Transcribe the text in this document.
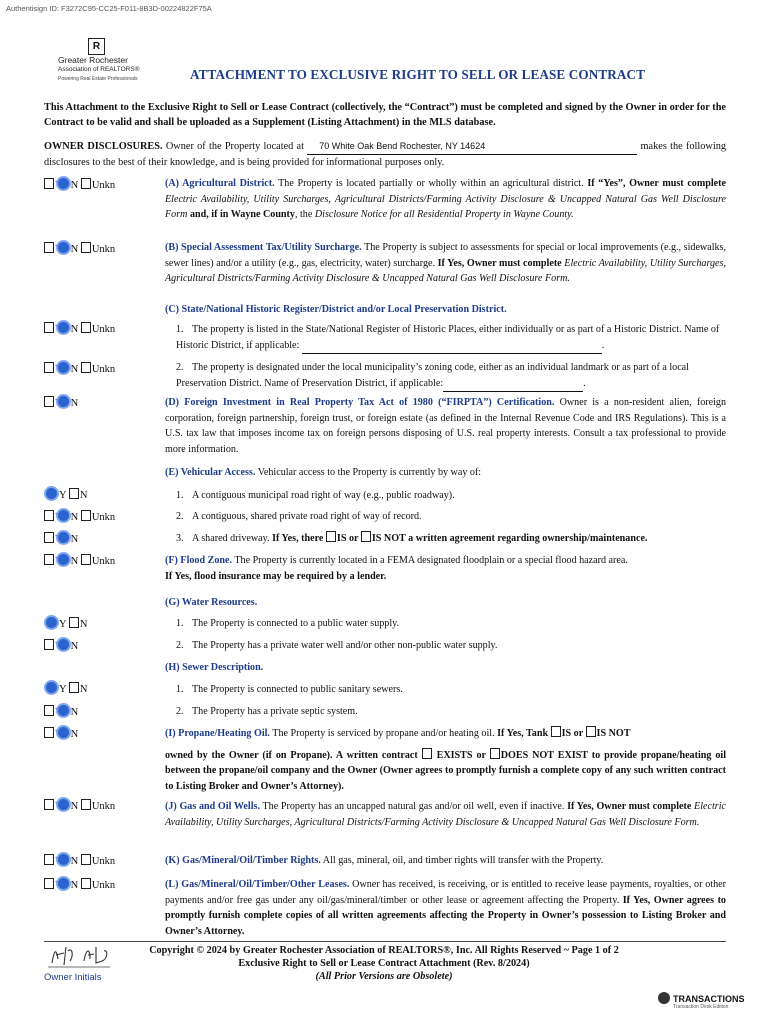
Authentisign ID: F3272C95-CC25-F011-8B3D-00224822F75A
R
Greater Rochester
Association of REALTORS®
Powering Real Estate Professionals	ATTACHMENT TO EXCLUSIVE RIGHT TO SELL OR LEASE CONTRACT
This Attachment to the Exclusive Right to Sell or Lease Contract (collectively, the “Contract”) must be completed and signed by the Owner in order for the Contract to be valid and shall be uploaded as a Supplement (Listing Attachment) in the MLS database.
OWNER DISCLOSURES. Owner of the Property located at 70 White Oak Bend Rochester, NY 14624	makes the following disclosures to the best of their knowledge, and is being provided for informational purposes only.
N Unkn	(A) Agricultural District. The Property is located partially or wholly within an agricultural district. If “Yes”, Owner must complete Electric Availability, Utility Surcharges, Agricultural Districts/Farming Activity Disclosure & Uncapped Natural Gas Well Disclosure Form and, if in Wayne County, the Disclosure Notice for all Residential Property in Wayne County.
N Unkn	(B) Special Assessment Tax/Utility Surcharge. The Property is subject to assessments for special or local improvements (e.g., sidewalks, sewer lines) and/or a utility (e.g., gas, electricity, water) surcharge. If Yes, Owner must complete Electric Availability, Utility Surcharges, Agricultural Districts/Farming Activity Disclosure & Uncapped Natural Gas Well Disclosure Form.
(C) State/National Historic Register/District and/or Local Preservation District.
N Unkn	1. The property is listed in the State/National Register of Historic Places, either individually or as part of a Historic District. Name of Historic District, if applicable:	.
N Unkn	2. The property is designated under the local municipality’s zoning code, either as an individual landmark or as part of a local Preservation District. Name of Preservation District, if applicable:	.
N	(D) Foreign Investment in Real Property Tax Act of 1980 (“FIRPTA”) Certification. Owner is a non-resident alien, foreign corporation, foreign partnership, foreign trust, or foreign estate (as defined in the Internal Revenue Code and IRS Regulations). This is a U.S. tax law that imposes income tax on foreign persons disposing of U.S. real property interests. Consult a tax professional to provide more information.
(E) Vehicular Access. Vehicular access to the Property is currently by way of:
Y N	1. A contiguous municipal road right of way (e.g., public roadway).
N Unkn	2. A contiguous, shared private road right of way of record.
N	3. A shared driveway. If Yes, there IS or IS NOT a written agreement regarding ownership/maintenance.
N Unkn	(F) Flood Zone. The Property is currently located in a FEMA designated floodplain or a special flood hazard area.
If Yes, flood insurance may be required by a lender.
(G) Water Resources.
Y N	1. The Property is connected to a public water supply.
N	2. The Property has a private water well and/or other non-public water supply.
(H) Sewer Description.
Y N	1. The Property is connected to public sanitary sewers.
N	2. The Property has a private septic system.
N	(I) Propane/Heating Oil. The Property is serviced by propane and/or heating oil. If Yes, Tank IS or IS NOT

owned by the Owner (if on Propane). A written contract  EXISTS or DOES NOT EXIST to provide propane/heating oil between the propane/oil company and the Owner (Owner agrees to promptly furnish a complete copy of any such written contract to Listing Broker and Owner’s Attorney).
N Unkn	(J) Gas and Oil Wells. The Property has an uncapped natural gas and/or oil well, even if inactive. If Yes, Owner must complete Electric Availability, Utility Surcharges, Agricultural Districts/Farming Activity Disclosure & Uncapped Natural Gas Well Disclosure Form.
N Unkn	(K) Gas/Mineral/Oil/Timber Rights. All gas, mineral, oil, and timber rights will transfer with the Property.
N Unkn	(L) Gas/Mineral/Oil/Timber/Other Leases. Owner has received, is receiving, or is entitled to receive lease payments, royalties, or other payments and/or free gas under any oil/gas/mineral/timber or other lease or agreement affecting the Property. If Yes, Owner agrees to promptly furnish complete copies of all written agreements affecting the Property in Owner’s possession to Listing Broker and Owner’s Attorney.
Owner Initials
Copyright © 2024 by Greater Rochester Association of REALTORS®, Inc. All Rights Reserved ~ Page 1 of 2
Exclusive Right to Sell or Lease Contract Attachment (Rev. 8/2024)
(All Prior Versions are Obsolete)
TRANSACTIONS
Transaction Desk Edition
